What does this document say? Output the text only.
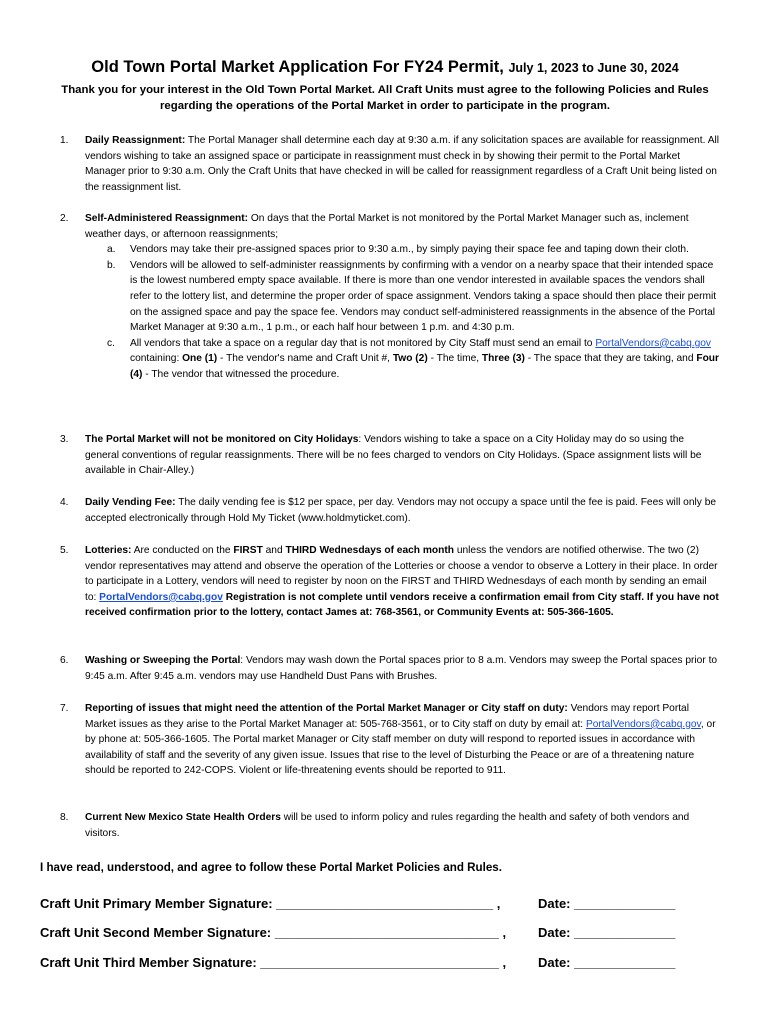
Old Town Portal Market Application For FY24 Permit, July 1, 2023 to June 30, 2024
Thank you for your interest in the Old Town Portal Market. All Craft Units must agree to the following Policies and Rules regarding the operations of the Portal Market in order to participate in the program.
1.	Daily Reassignment: The Portal Manager shall determine each day at 9:30 a.m. if any solicitation spaces are available for reassignment. All vendors wishing to take an assigned space or participate in reassignment must check in by showing their permit to the Portal Market Manager prior to 9:30 a.m. Only the Craft Units that have checked in will be called for reassignment regardless of a Craft Unit being listed on the reassignment list.
2.	Self-Administered Reassignment: On days that the Portal Market is not monitored by the Portal Market Manager such as, inclement weather days, or afternoon reassignments;
a. Vendors may take their pre-assigned spaces prior to 9:30 a.m., by simply paying their space fee and taping down their cloth.
b. Vendors will be allowed to self-administer reassignments by confirming with a vendor on a nearby space that their intended space is the lowest numbered empty space available. If there is more than one vendor interested in available spaces the vendors shall refer to the lottery list, and determine the proper order of space assignment. Vendors taking a space should then place their permit on the assigned space and pay the space fee. Vendors may conduct self-administered reassignments in the absence of the Portal Market Manager at 9:30 a.m., 1 p.m., or each half hour between 1 p.m. and 4:30 p.m.
c. All vendors that take a space on a regular day that is not monitored by City Staff must send an email to PortalVendors@cabq.gov containing: One (1) - The vendor's name and Craft Unit #, Two (2) - The time, Three (3) - The space that they are taking, and Four (4) - The vendor that witnessed the procedure.
3.	The Portal Market will not be monitored on City Holidays: Vendors wishing to take a space on a City Holiday may do so using the general conventions of regular reassignments. There will be no fees charged to vendors on City Holidays. (Space assignment lists will be available in Chair-Alley.)
4.	Daily Vending Fee: The daily vending fee is $12 per space, per day. Vendors may not occupy a space until the fee is paid. Fees will only be accepted electronically through Hold My Ticket (www.holdmyticket.com).
5.	Lotteries: Are conducted on the FIRST and THIRD Wednesdays of each month unless the vendors are notified otherwise. The two (2) vendor representatives may attend and observe the operation of the Lotteries or choose a vendor to observe a Lottery in their place. In order to participate in a Lottery, vendors will need to register by noon on the FIRST and THIRD Wednesdays of each month by sending an email to: PortalVendors@cabq.gov Registration is not complete until vendors receive a confirmation email from City staff. If you have not received confirmation prior to the lottery, contact James at: 768-3561, or Community Events at: 505-366-1605.
6.	Washing or Sweeping the Portal: Vendors may wash down the Portal spaces prior to 8 a.m. Vendors may sweep the Portal spaces prior to 9:45 a.m. After 9:45 a.m. vendors may use Handheld Dust Pans with Brushes.
7.	Reporting of issues that might need the attention of the Portal Market Manager or City staff on duty: Vendors may report Portal Market issues as they arise to the Portal Market Manager at: 505-768-3561, or to City staff on duty by email at: PortalVendors@cabq.gov, or by phone at: 505-366-1605. The Portal market Manager or City staff member on duty will respond to reported issues in accordance with availability of staff and the severity of any given issue. Issues that rise to the level of Disturbing the Peace or are of a threatening nature should be reported to 242-COPS. Violent or life-threatening events should be reported to 911.
8.	Current New Mexico State Health Orders will be used to inform policy and rules regarding the health and safety of both vendors and visitors.
I have read, understood, and agree to follow these Portal Market Policies and Rules.
Craft Unit Primary Member Signature: ______________________________ ,	Date: ______________
Craft Unit Second Member Signature: _______________________________ , Date: ______________
Craft Unit Third Member Signature: _________________________________ , Date: ______________
